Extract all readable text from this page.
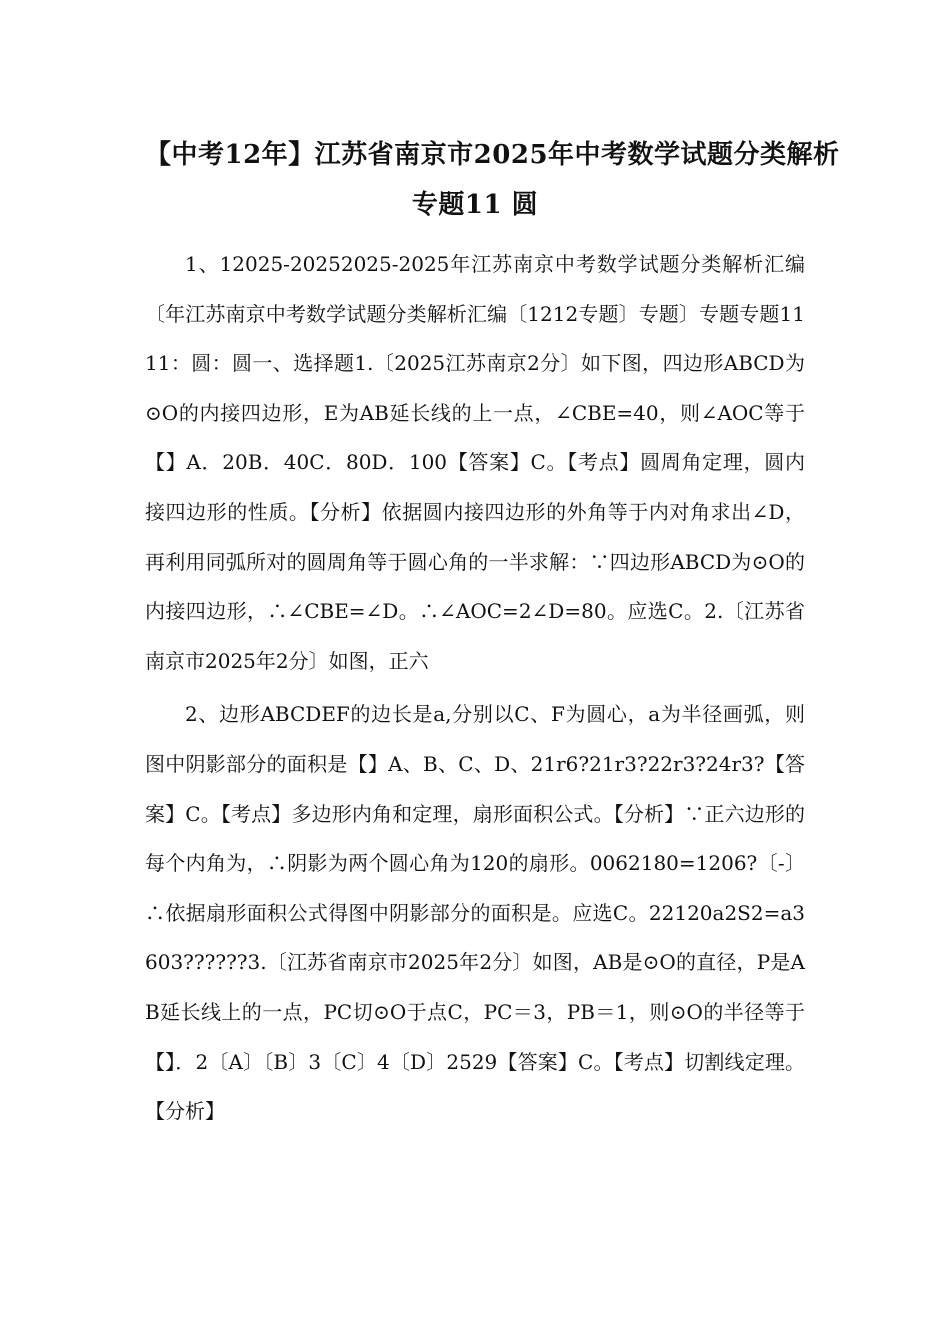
【中考12年】江苏省南京市2025年中考数学试题分类解析
专题11 圆

1、12025-20252025-2025年江苏南京中考数学试题分类解析汇编〔年江苏南京中考数学试题分类解析汇编〔1212专题〕专题〕专题专题1111：圆：圆一、选择题1.〔2025江苏南京2分〕如下图，四边形ABCD为⊙O的内接四边形，E为AB延长线的上一点，∠CBE=40，则∠AOC等于【】A．20B．40C．80D．100【答案】C。【考点】圆周角定理，圆内接四边形的性质。【分析】依据圆内接四边形的外角等于内对角求出∠D，再利用同弧所对的圆周角等于圆心角的一半求解：∵四边形ABCD为⊙O的内接四边形，∴∠CBE=∠D。∴∠AOC=2∠D=80。应选C。2.〔江苏省南京市2025年2分〕如图，正六

2、边形ABCDEF的边长是a,分别以C、F为圆心，a为半径画弧，则图中阴影部分的面积是【】A、B、C、D、21r6?21r3?22r3?24r3?【答案】C。【考点】多边形内角和定理，扇形面积公式。【分析】∵正六边形的每个内角为，∴阴影为两个圆心角为120的扇形。0062180=1206?〔-〕∴依据扇形面积公式得图中阴影部分的面积是。应选C。22120a2S2=a3603??????3.〔江苏省南京市2025年2分〕如图，AB是⊙O的直径，P是AB延长线上的一点，PC切⊙O于点C，PC＝3，PB＝1，则⊙O的半径等于【】．2〔A〕〔B〕3〔C〕4〔D〕2529【答案】C。【考点】切割线定理。【分析】
